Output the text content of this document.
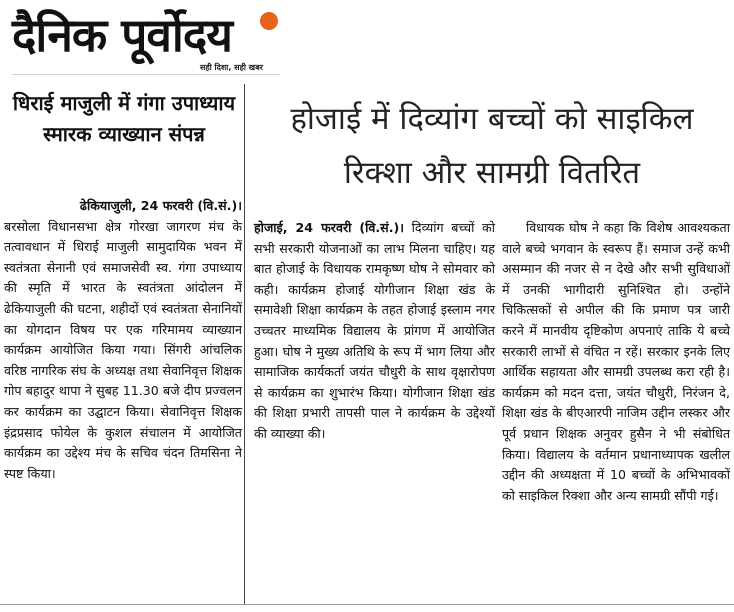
दैनिक पूर्वोदय
सही दिशा, सही खबर
धिराई माजुली में गंगा उपाध्याय स्मारक व्याख्यान संपन्न

ढेकियाजुली, 24 फरवरी (वि.सं.)।
बरसोला विधानसभा क्षेत्र गोरखा जागरण मंच के तत्वावधान में धिराई माजुली सामुदायिक भवन में स्वतंत्रता सेनानी एवं समाजसेवी स्व. गंगा उपाध्याय की स्मृति में भारत के स्वतंत्रता आंदोलन में ढेकियाजुली की घटना, शहीदों एवं स्वतंत्रता सेनानियों का योगदान विषय पर एक गरिमामय व्याख्यान कार्यक्रम आयोजित किया गया। सिंगरी आंचलिक वरिष्ठ नागरिक संघ के अध्यक्ष तथा सेवानिवृत्त शिक्षक गोप बहादुर थापा ने सुबह 11.30 बजे दीप प्रज्वलन कर कार्यक्रम का उद्घाटन किया। सेवानिवृत्त शिक्षक इंद्रप्रसाद फोयेल के कुशल संचालन में आयोजित कार्यक्रम का उद्देश्य मंच के सचिव चंदन तिमसिना ने स्पष्ट किया।

होजाई में दिव्यांग बच्चों को साइकिल रिक्शा और सामग्री वितरित

होजाई, 24 फरवरी (वि.सं.)। दिव्यांग बच्चों को सभी सरकारी योजनाओं का लाभ मिलना चाहिए। यह बात होजाई के विधायक रामकृष्ण घोष ने सोमवार को कही। कार्यक्रम होजाई योगीजान शिक्षा खंड के समावेशी शिक्षा कार्यक्रम के तहत होजाई इस्लाम नगर उच्चतर माध्यमिक विद्यालय के प्रांगण में आयोजित हुआ। घोष ने मुख्य अतिथि के रूप में भाग लिया और सामाजिक कार्यकर्ता जयंत चौधुरी के साथ वृक्षारोपण से कार्यक्रम का शुभारंभ किया। योगीजान शिक्षा खंड की शिक्षा प्रभारी तापसी पाल ने कार्यक्रम के उद्देश्यों की व्याख्या की।

विधायक घोष ने कहा कि विशेष आवश्यकता वाले बच्चे भगवान के स्वरूप हैं। समाज उन्हें कभी असम्मान की नजर से न देखे और सभी सुविधाओं में उनकी भागीदारी सुनिश्चित हो। उन्होंने चिकित्सकों से अपील की कि प्रमाण पत्र जारी करने में मानवीय दृष्टिकोण अपनाएं ताकि ये बच्चे सरकारी लाभों से वंचित न रहें। सरकार इनके लिए आर्थिक सहायता और सामग्री उपलब्ध करा रही है। कार्यक्रम को मदन दत्ता, जयंत चौधुरी, निरंजन दे, शिक्षा खंड के बीएआरपी नाजिम उद्दीन लस्कर और पूर्व प्रधान शिक्षक अनुवर हुसैन ने भी संबोधित किया। विद्यालय के वर्तमान प्रधानाध्यापक खलील उद्दीन की अध्यक्षता में 10 बच्चों के अभिभावकों को साइकिल रिक्शा और अन्य सामग्री सौंपी गई।
